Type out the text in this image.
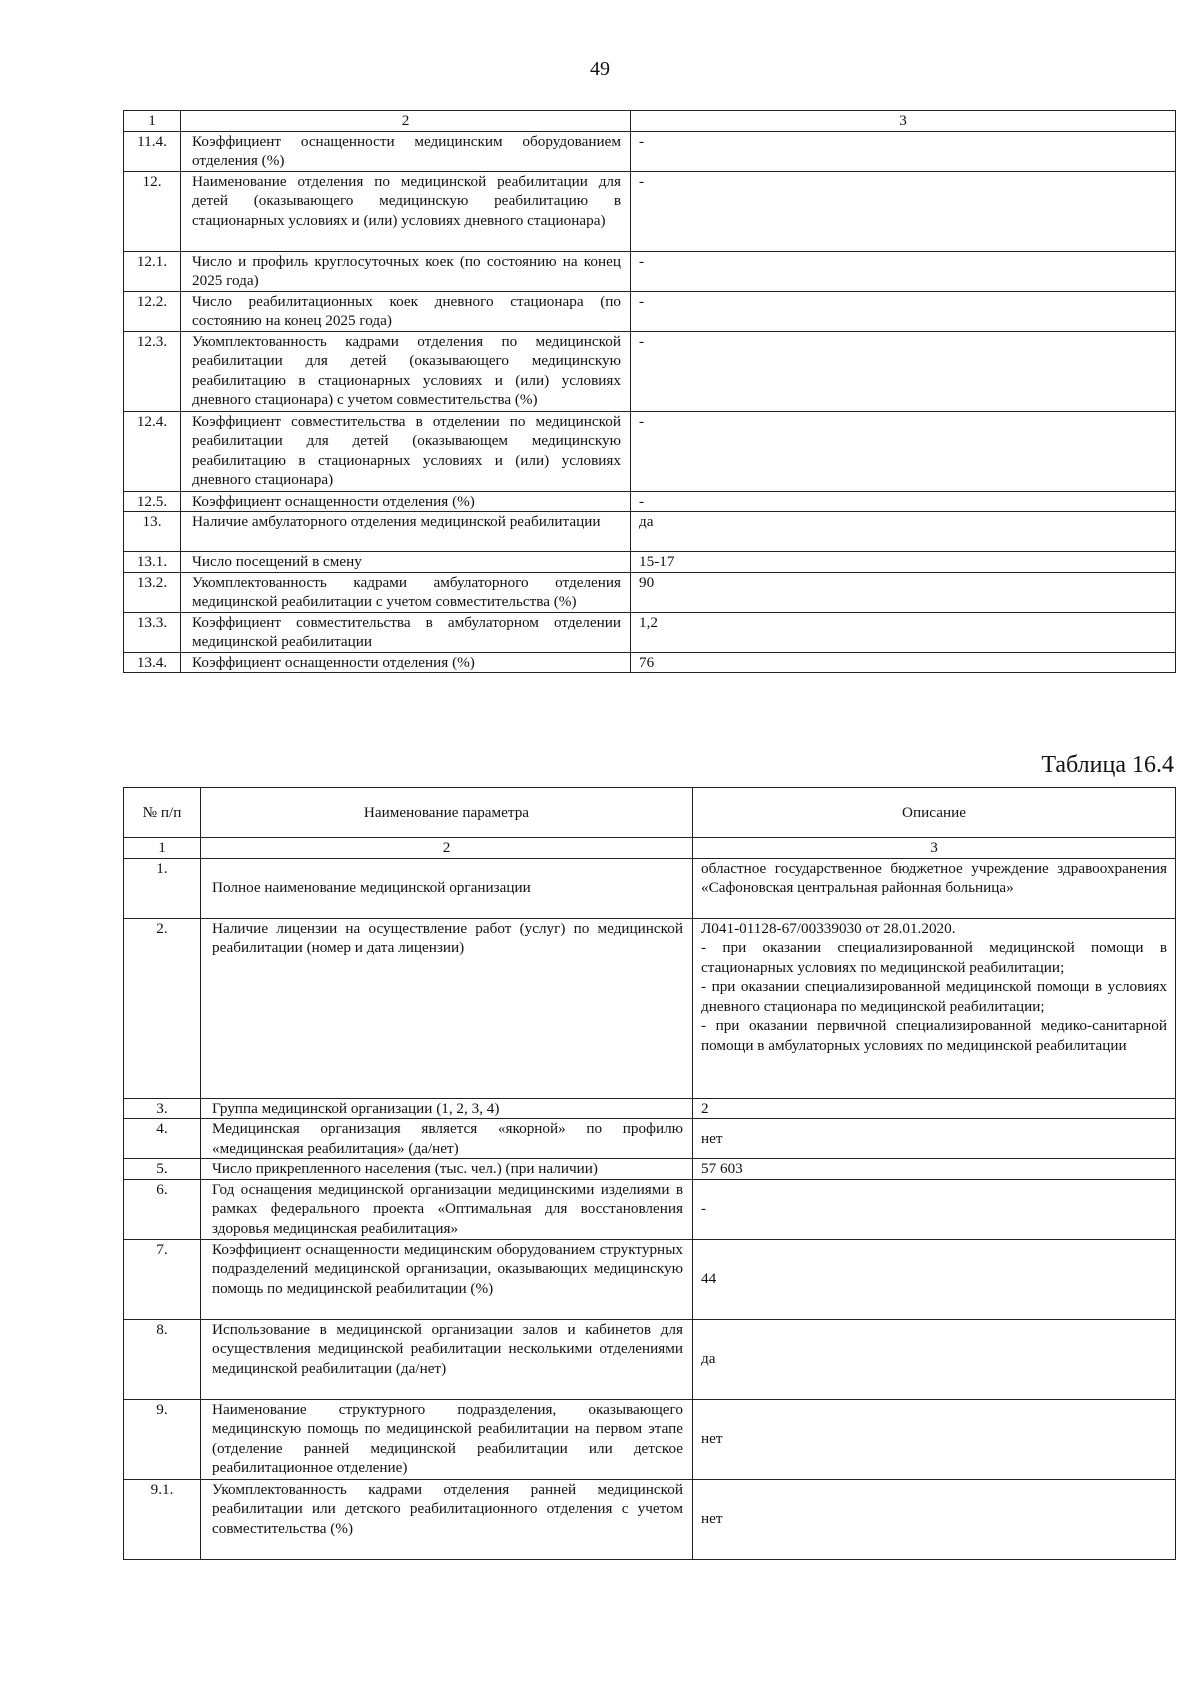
49
1	2	3
11.4.	Коэффициент оснащенности медицинским оборудованием отделения (%)	-
12.	Наименование отделения по медицинской реабилитации для детей (оказывающего медицинскую реабилитацию в стационарных условиях и (или) условиях дневного стационара)	-
12.1.	Число и профиль круглосуточных коек (по состоянию на конец 2025 года)	-
12.2.	Число реабилитационных коек дневного стационара (по состоянию на конец 2025 года)	-
12.3.	Укомплектованность кадрами отделения по медицинской реабилитации для детей (оказывающего медицинскую реабилитацию в стационарных условиях и (или) условиях дневного стационара) с учетом совместительства (%)	-
12.4.	Коэффициент совместительства в отделении по медицинской реабилитации для детей (оказывающем медицинскую реабилитацию в стационарных условиях и (или) условиях дневного стационара)	-
12.5.	Коэффициент оснащенности отделения (%)	-
13.	Наличие амбулаторного отделения медицинской реабилитации	да
13.1.	Число посещений в смену	15-17
13.2.	Укомплектованность кадрами амбулаторного отделения медицинской реабилитации с учетом совместительства (%)	90
13.3.	Коэффициент совместительства в амбулаторном отделении медицинской реабилитации	1,2
13.4.	Коэффициент оснащенности отделения (%)	76
Таблица 16.4
№ п/п	Наименование параметра	Описание
1	2	3
1.	Полное наименование медицинской организации	областное государственное бюджетное учреждение здравоохранения «Сафоновская центральная районная больница»
2.	Наличие лицензии на осуществление работ (услуг) по медицинской реабилитации (номер и дата лицензии)	Л041-01128-67/00339030 от 28.01.2020.
- при оказании специализированной медицинской помощи в стационарных условиях по медицинской реабилитации;
- при оказании специализированной медицинской помощи в условиях дневного стационара по медицинской реабилитации;
- при оказании первичной специализированной медико-санитарной помощи в амбулаторных условиях по медицинской реабилитации

3.	Группа медицинской организации (1, 2, 3, 4)	2
4.	Медицинская организация является «якорной» по профилю «медицинская реабилитация» (да/нет)	нет
5.	Число прикрепленного населения (тыс. чел.) (при наличии)	57 603
6.	Год оснащения медицинской организации медицинскими изделиями в рамках федерального проекта «Оптимальная для восстановления здоровья медицинская реабилитация»	-
7.	Коэффициент оснащенности медицинским оборудованием структурных подразделений медицинской организации, оказывающих медицинскую помощь по медицинской реабилитации (%)	44
8.	Использование в медицинской организации залов и кабинетов для осуществления медицинской реабилитации несколькими отделениями медицинской реабилитации (да/нет)	да
9.	Наименование структурного подразделения, оказывающего медицинскую помощь по медицинской реабилитации на первом этапе (отделение ранней медицинской реабилитации или детское реабилитационное отделение)	нет
9.1.	Укомплектованность кадрами отделения ранней медицинской реабилитации или детского реабилитационного отделения с учетом совместительства (%)	нет
